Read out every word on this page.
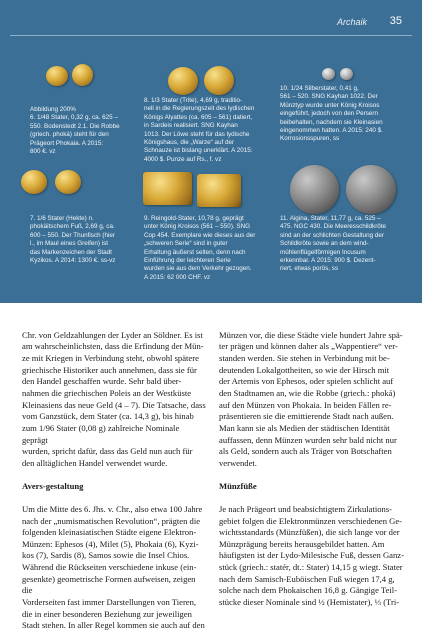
Archaik 35

Abbildung 200%
6. 1/48 Stater, 0,32 g, ca. 625 –
550. Bodenstedt 2.1. Die Robbe
(griech. phoká) steht für den
Prägeort Phokaia. A 2015:
800 €. vz

8. 1/3 Stater (Trite), 4,69 g, traditio-
nell in die Regierungszeit des lydischen
Königs Alyattes (ca. 605 – 561) datiert,
in Sardeis realisiert. SNG Kayhan
1013. Der Löwe steht für das lydische
Königshaus, die „Warze“ auf der
Schnauze ist bislang unerklärt. A 2015:
4000 $. Punze auf Rs., f. vz

10. 1/24 Silberstater, 0,41 g,
561 – 520. SNG Kayhan 1022. Der
Münztyp wurde unter König Kroisos
eingeführt, jedoch von den Persern
beibehalten, nachdem sie Kleinasien
eingenommen hatten. A 2015: 240 $.
Korrosionsspuren, ss

7. 1/6 Stater (Hekte) n.
phokäitschem Fuß, 2,69 g, ca.
600 – 550. Der Thunfisch (hier
l., im Maul eines Greifen) ist
das Markenzeichen der Stadt
Kyzikos. A 2014: 1300 €. ss-vz

9. Reingold-Stater, 10,78 g, geprägt
unter König Kroisos (561 – 550). SNG
Cop 454. Exemplare wie dieses aus der
„schweren Serie“ sind in guter
Erhaltung äußerst selten, denn nach
Einführung der leichteren Serie
wurden sie aus dem Verkehr gezogen.
A 2015: 62 000 CHF. vz

11. Aigina, Stater, 11,77 g, ca. 525 –
475. NGC 430. Die Meeresschildkröte
sind an der schlichten Gestaltung der
Schildkröte sowie an dem wind-
mühlenflügelförmigen Incusum
erkennbar. A 2015: 900 $. Dezent-
riert, etwas porös, ss

Chr. von Geldzahlungen der Lyder an Söldner. Es ist
am wahrscheinlichsten, dass die Erfindung der Mün-
ze mit Kriegen in Verbindung steht, obwohl spätere
griechische Historiker auch annehmen, dass sie für
den Handel geschaffen wurde. Sehr bald über-
nahmen die griechischen Poleis an der Westküste
Kleinasiens das neue Geld (4 – 7). Die Tatsache, dass
vom Ganzstück, dem Stater (ca. 14,3 g), bis hinab
zum 1/96 Stater (0,08 g) zahlreiche Nominale geprägt
wurden, spricht dafür, dass das Geld nun auch für
den alltäglichen Handel verwendet wurde.

Avers-gestaltung

Um die Mitte des 6. Jhs. v. Chr., also etwa 100 Jahre
nach der „numismatischen Revolution“, prägten die
folgenden kleinasiatischen Städte eigene Elektron-
Münzen: Ephesos (4), Milet (5), Phokaia (6), Kyzi-
kos (7), Sardis (8), Samos sowie die Insel Chios.
Während die Rückseiten verschiedene inkuse (ein-
gesenkte) geometrische Formen aufweisen, zeigen die
Vorderseiten fast immer Darstellungen von Tieren,
die in einer besonderen Beziehung zur jeweiligen
Stadt stehen. In aller Regel kommen sie auch auf den

Münzen vor, die diese Städte viele hundert Jahre spä-
ter prägen und können daher als „Wappentiere“ ver-
standen werden. Sie stehen in Verbindung mit be-
deutenden Lokalgottheiten, so wie der Hirsch mit
der Artemis von Ephesos, oder spielen schlicht auf
den Stadtnamen an, wie die Robbe (griech.: phoká)
auf den Münzen von Phokaia. In beiden Fällen re-
präsentieren sie die emittierende Stadt nach außen.
Man kann sie als Medien der städtischen Identität
auffassen, denn Münzen wurden sehr bald nicht nur
als Geld, sondern auch als Träger von Botschaften
verwendet.

Münzfüße

Je nach Prägeort und beabsichtigtem Zirkulations-
gebiet folgen die Elektronmünzen verschiedenen Ge-
wichtsstandards (Münzfüßen), die sich lange vor der
Münzprägung bereits herausgebildet hatten. Am
häufigsten ist der Lydo-Milesische Fuß, dessen Ganz-
stück (griech.: statér, dt.: Stater) 14,15 g wiegt. Stater
nach dem Samisch-Euböischen Fuß wiegen 17,4 g,
solche nach dem Phokaischen 16,8 g. Gängige Teil-
stücke dieser Nominale sind ½ (Hemistater), ⅓ (Tri-
